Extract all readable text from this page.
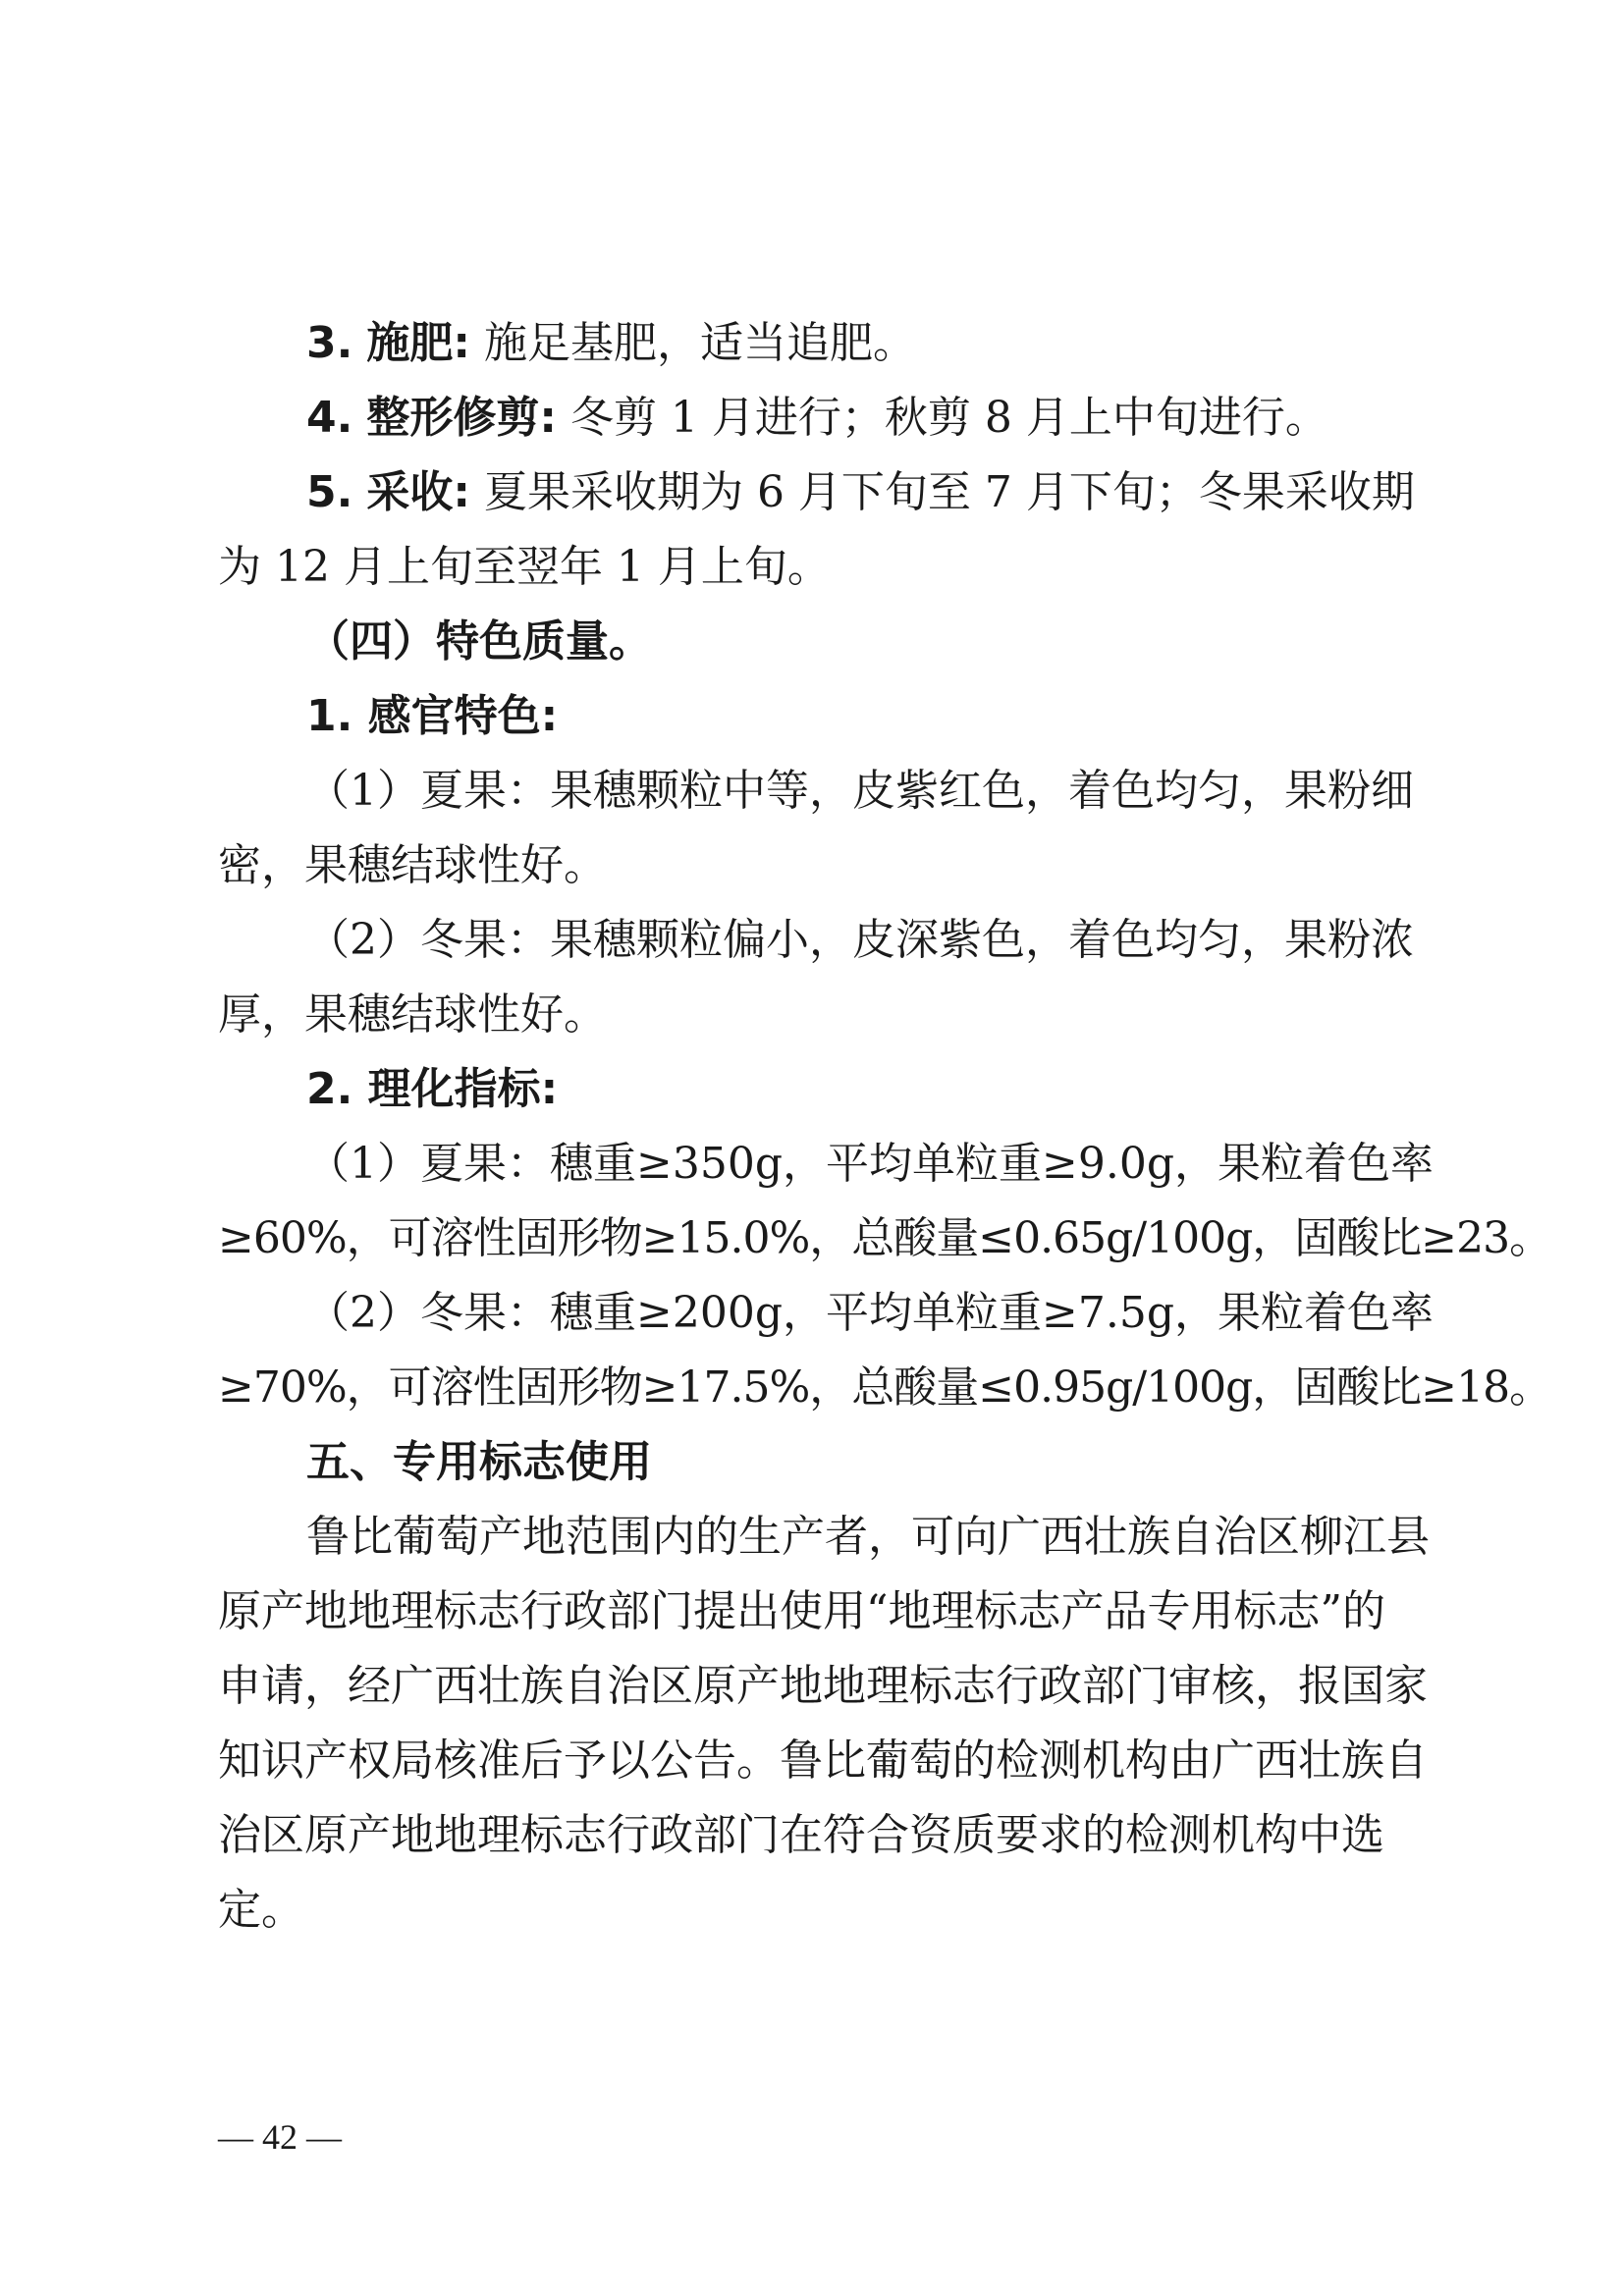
3. 施肥: 施足基肥，适当追肥。

4. 整形修剪: 冬剪 1 月进行；秋剪 8 月上中旬进行。

5. 采收: 夏果采收期为 6 月下旬至 7 月下旬；冬果采收期

为 12 月上旬至翌年 1 月上旬。

（四）特色质量。

1. 感官特色:

（1）夏果：果穗颗粒中等，皮紫红色，着色均匀，果粉细

密，果穗结球性好。

（2）冬果：果穗颗粒偏小，皮深紫色，着色均匀，果粉浓

厚，果穗结球性好。

2. 理化指标:

（1）夏果：穗重≥350g，平均单粒重≥9.0g，果粒着色率

≥60%，可溶性固形物≥15.0%，总酸量≤0.65g/100g，固酸比≥23。

（2）冬果：穗重≥200g，平均单粒重≥7.5g，果粒着色率

≥70%，可溶性固形物≥17.5%，总酸量≤0.95g/100g，固酸比≥18。

五、专用标志使用

鲁比葡萄产地范围内的生产者，可向广西壮族自治区柳江县

原产地地理标志行政部门提出使用“地理标志产品专用标志”的

申请，经广西壮族自治区原产地地理标志行政部门审核，报国家

知识产权局核准后予以公告。鲁比葡萄的检测机构由广西壮族自

治区原产地地理标志行政部门在符合资质要求的检测机构中选

定。

— 42 —
